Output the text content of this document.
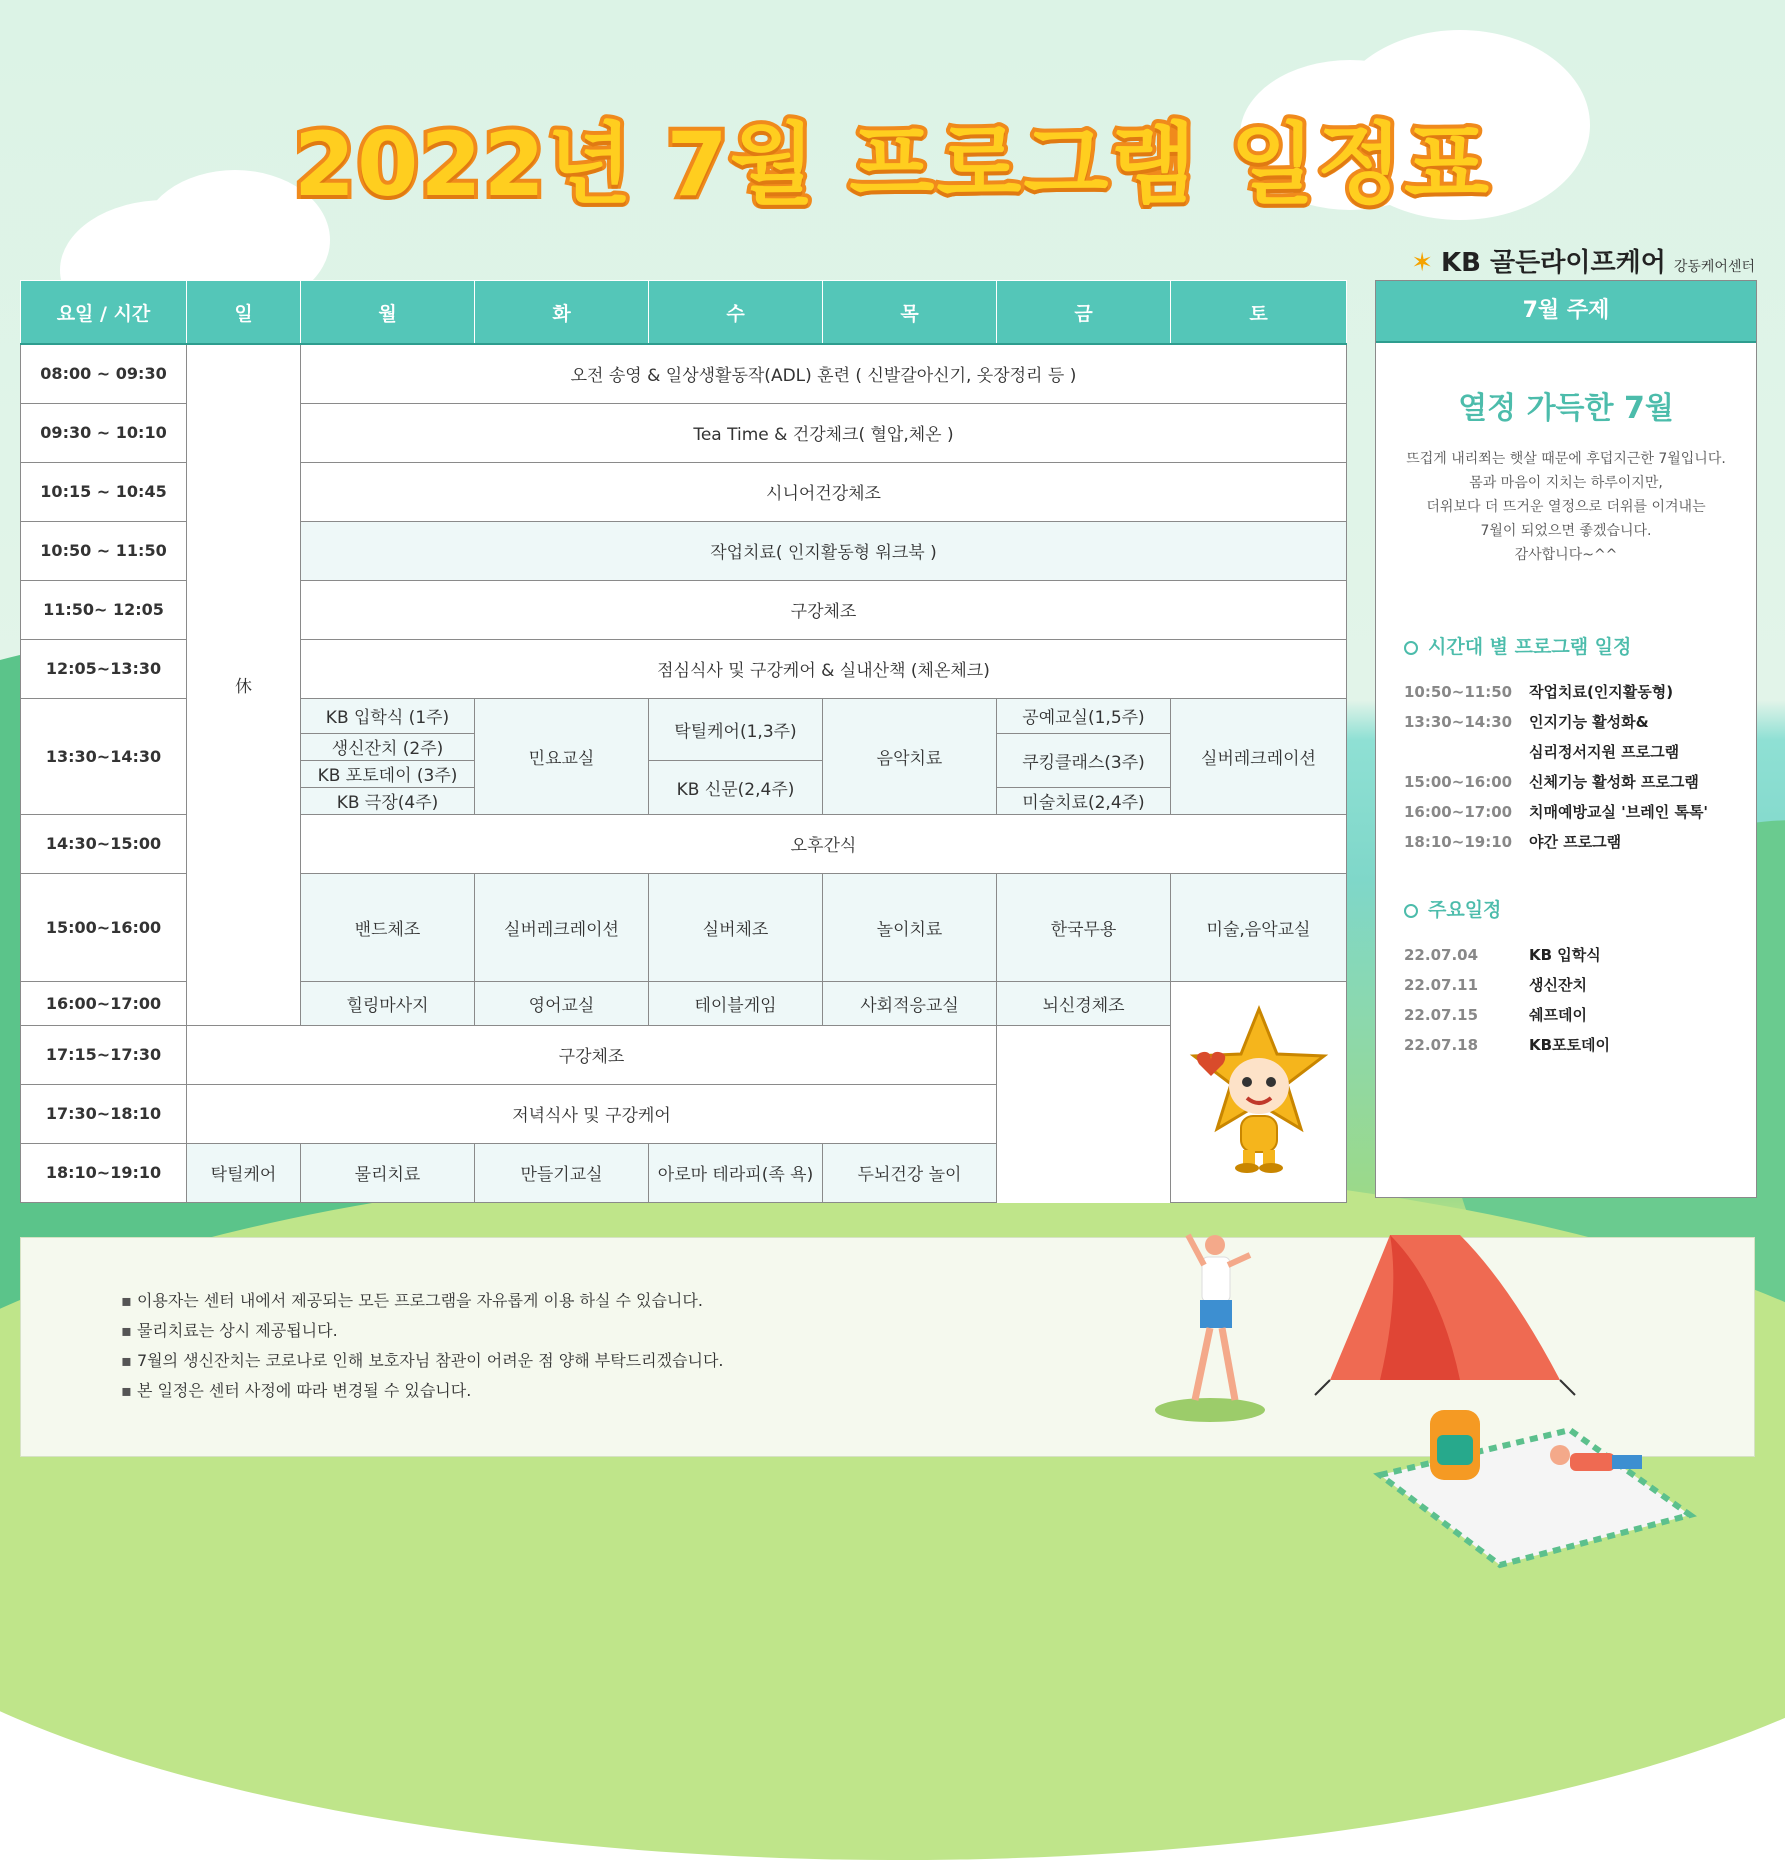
2022년 7월 프로그램 일정표
✶ KB 골든라이프케어 강동케어센터
요일 / 시간	일	월	화	수	목	금	토
08:00 ~ 09:30	休	오전 송영 & 일상생활동작(ADL) 훈련 ( 신발갈아신기, 옷장정리 등 )					
09:30 ~ 10:10		Tea Time & 건강체크( 혈압,체온 )					
10:15 ~ 10:45		시니어건강체조					
10:50 ~ 11:50		작업치료( 인지활동형 워크북 )					
11:50~ 12:05		구강체조					
12:05~13:30		점심식사 및 구강케어 & 실내산책 (체온체크)					
13:30~14:30		KB 입학식 (1주)	민요교실	탁틸케어(1,3주)	음악치료	공예교실(1,5주)	실버레크레이션
		생신잔치 (2주)				쿠킹클래스(3주)	
		KB 포토데이 (3주)		KB 신문(2,4주)			
		KB 극장(4주)				미술치료(2,4주)	
14:30~15:00		오후간식					
15:00~16:00		밴드체조	실버레크레이션	실버체조	놀이치료	한국무용	미술,음악교실
16:00~17:00		힐링마사지	영어교실	테이블게임	사회적응교실	뇌신경체조	
17:15~17:30	구강체조						
17:30~18:10	저녁식사 및 구강케어						
18:10~19:10	탁틸케어	물리치료	만들기교실	아로마 테라피(족 욕)	두뇌건강 놀이		
7월 주제
열정 가득한 7월
뜨겁게 내리쬐는 햇살 때문에 후덥지근한 7월입니다.
몸과 마음이 지치는 하루이지만,
더위보다 더 뜨거운 열정으로 더위를 이겨내는
7월이 되었으면 좋겠습니다.
감사합니다~^^
시간대 별 프로그램 일정
10:50~11:50	작업치료(인지활동형)
13:30~14:30	인지기능 활성화&
심리정서지원 프로그램
15:00~16:00	신체기능 활성화 프로그램
16:00~17:00	치매예방교실 '브레인 톡톡'
18:10~19:10	야간 프로그램
주요일정
22.07.04	KB 입학식
22.07.11	생신잔치
22.07.15	쉐프데이
22.07.18	KB포토데이
▪ 이용자는 센터 내에서 제공되는 모든 프로그램을 자유롭게 이용 하실 수 있습니다.
▪ 물리치료는 상시 제공됩니다.
▪ 7월의 생신잔치는 코로나로 인해 보호자님 참관이 어려운 점 양해 부탁드리겠습니다.
▪ 본 일정은 센터 사정에 따라 변경될 수 있습니다.
